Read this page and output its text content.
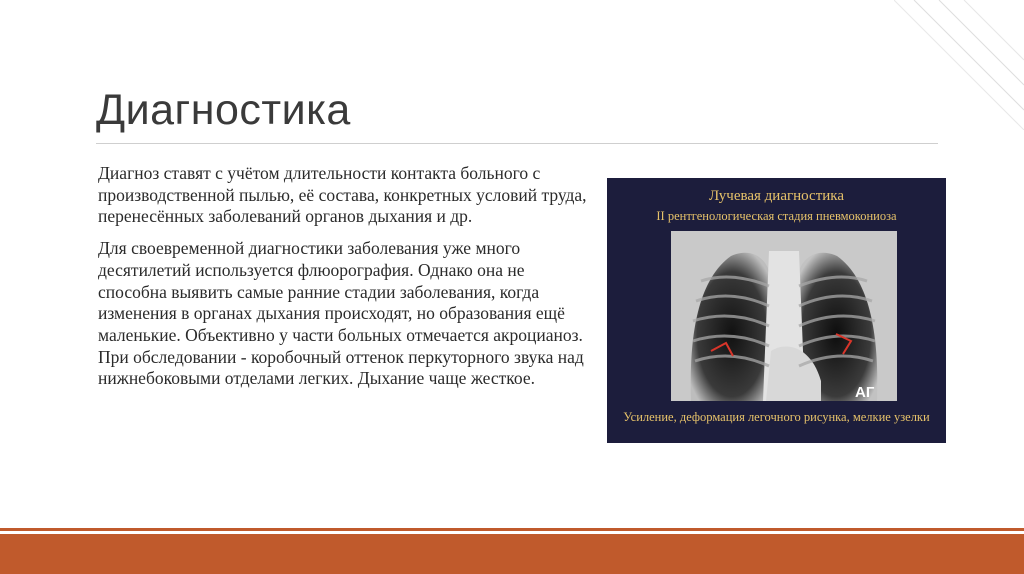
Диагностика

Диагноз ставят с учётом длительности контакта больного с производственной пылью, её состава, конкретных условий труда, перенесённых заболеваний органов дыхания и др.

Для своевременной диагностики заболевания уже много десятилетий используется флюорография. Однако она не способна выявить самые ранние стадии заболевания, когда изменения в органах дыхания происходят, но образования ещё маленькие. Объективно у части больных отмечается акроцианоз. При обследовании - коробочный оттенок перкуторного звука над нижнебоковыми отделами легких. Дыхание чаще жесткое.

Лучевая диагностика
II рентгенологическая стадия пневмокониоза
АГ
Усиление, деформация легочного рисунка, мелкие узелки
